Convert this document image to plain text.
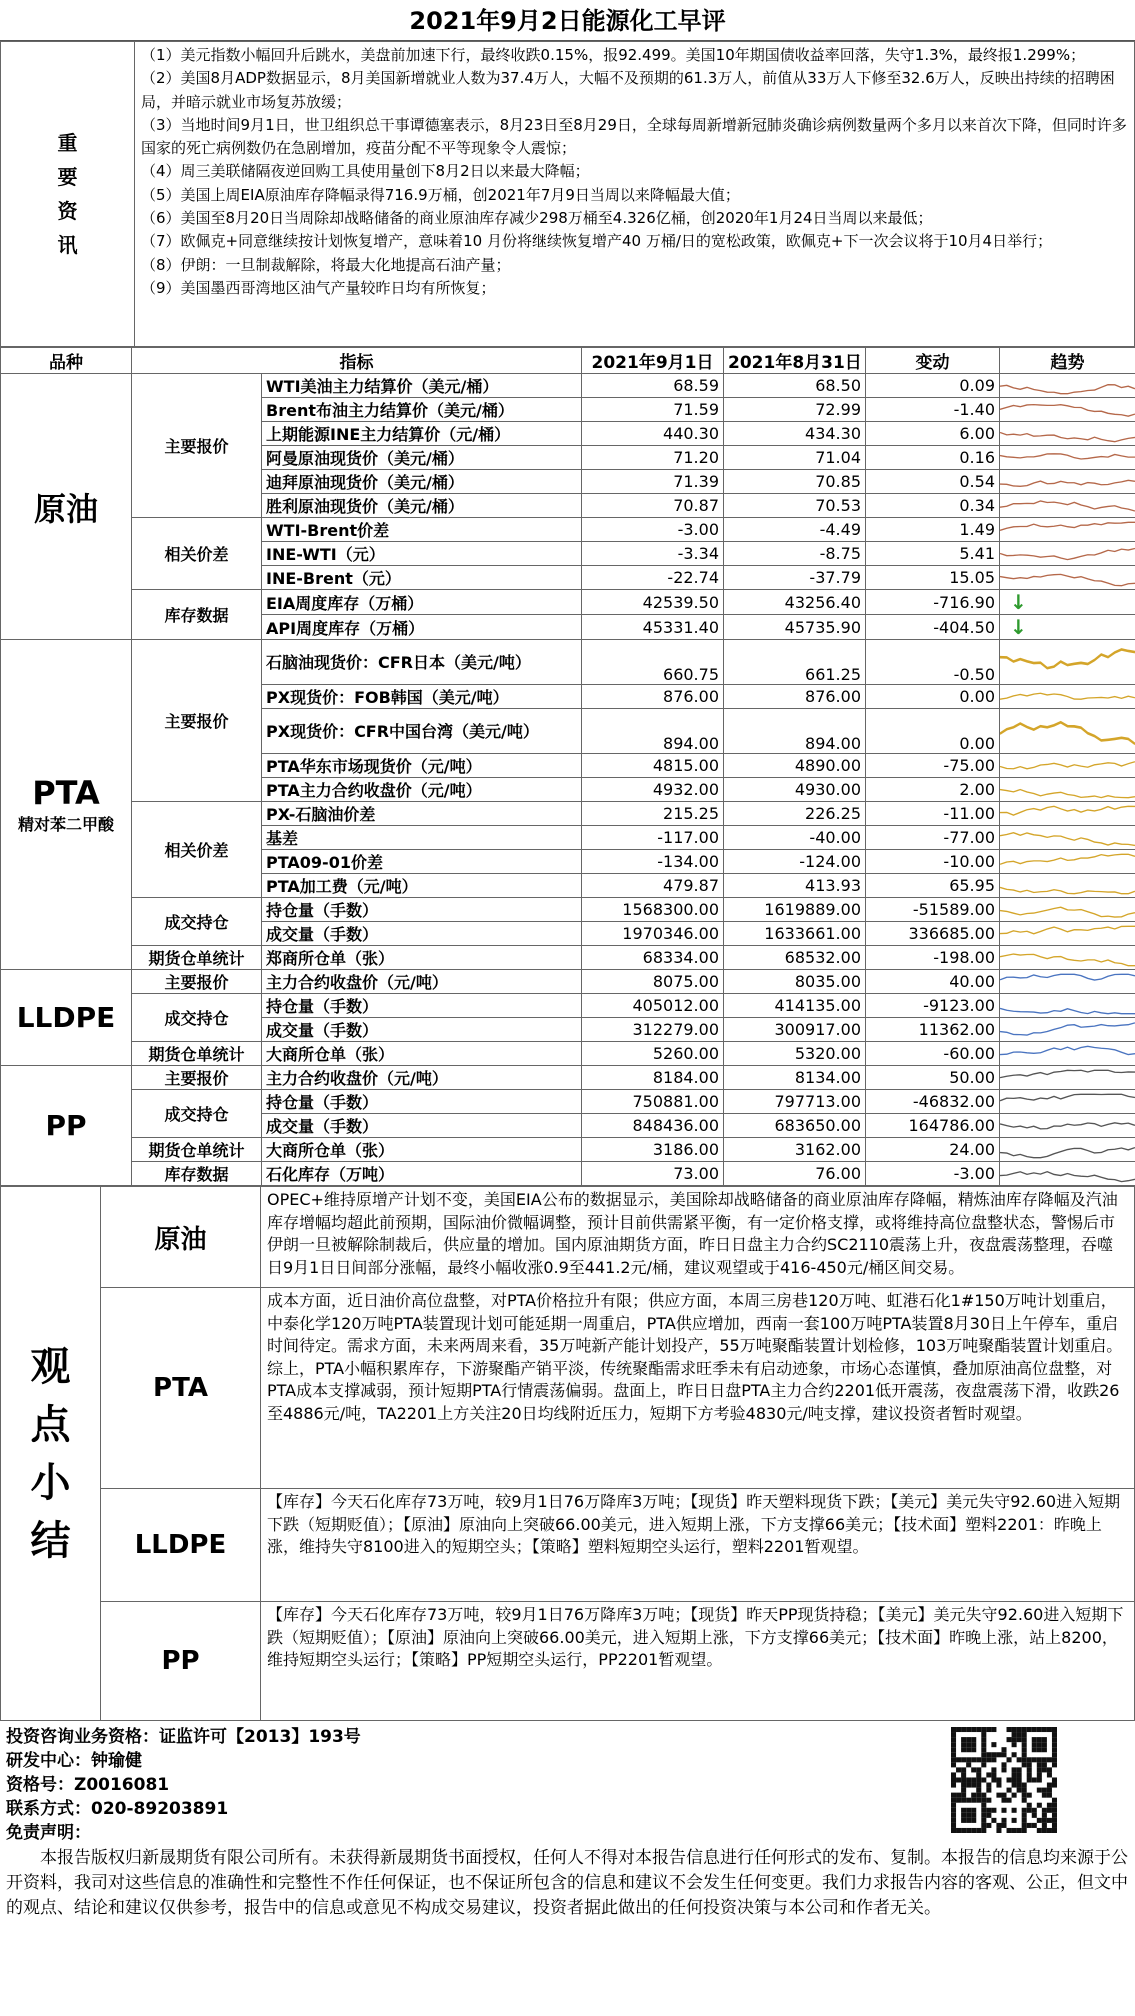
2021年9月2日能源化工早评
重要资讯	

（1）美元指数小幅回升后跳水，美盘前加速下行，最终收跌0.15%，报92.499。美国10年期国债收益率回落，失守1.3%，最终报1.299%；

（2）美国8月ADP数据显示，8月美国新增就业人数为37.4万人，大幅不及预期的61.3万人，前值从33万人下修至32.6万人，反映出持续的招聘困局，并暗示就业市场复苏放缓；

（3）当地时间9月1日，世卫组织总干事谭德塞表示，8月23日至8月29日，全球每周新增新冠肺炎确诊病例数量两个多月以来首次下降，但同时许多国家的死亡病例数仍在急剧增加，疫苗分配不平等现象令人震惊；

（4）周三美联储隔夜逆回购工具使用量创下8月2日以来最大降幅；

（5）美国上周EIA原油库存降幅录得716.9万桶，创2021年7月9日当周以来降幅最大值；

（6）美国至8月20日当周除却战略储备的商业原油库存减少298万桶至4.326亿桶，创2020年1月24日当周以来最低；

（7）欧佩克+同意继续按计划恢复增产，意味着10 月份将继续恢复增产40 万桶/日的宽松政策，欧佩克+下一次会议将于10月4日举行；

（8）伊朗：一旦制裁解除，将最大化地提高石油产量；

（9）美国墨西哥湾地区油气产量较昨日均有所恢复；

品种	指标		2021年9月1日	2021年8月31日	变动	趋势

原油	主要报价	WTI美油主力结算价（美元/桶）	68.59	68.50	0.09	

		Brent布油主力结算价（美元/桶）	71.59	72.99	-1.40	

		上期能源INE主力结算价（元/桶）	440.30	434.30	6.00	

		阿曼原油现货价（美元/桶）	71.20	71.04	0.16	

		迪拜原油现货价（美元/桶）	71.39	70.85	0.54	

		胜利原油现货价（美元/桶）	70.87	70.53	0.34	

	相关价差	WTI-Brent价差	-3.00	-4.49	1.49	

		INE-WTI（元）	-3.34	-8.75	5.41	

		INE-Brent（元）	-22.74	-37.79	15.05	

	库存数据	EIA周度库存（万桶）	42539.50	43256.40	-716.90	↓
		API周度库存（万桶）	45331.40	45735.90	-404.50	↓

PTA
精对苯二甲酸	主要报价	石脑油现货价：CFR日本（美元/吨）	660.75	661.25	-0.50	

		PX现货价：FOB韩国（美元/吨）	876.00	876.00	0.00	

		PX现货价：CFR中国台湾（美元/吨）	894.00	894.00	0.00	

		PTA华东市场现货价（元/吨）	4815.00	4890.00	-75.00	

		PTA主力合约收盘价（元/吨）	4932.00	4930.00	2.00	

	相关价差	PX-石脑油价差	215.25	226.25	-11.00	

		基差	-117.00	-40.00	-77.00	

		PTA09-01价差	-134.00	-124.00	-10.00	

		PTA加工费（元/吨）	479.87	413.93	65.95	

	成交持仓	持仓量（手数）	1568300.00	1619889.00	-51589.00	

		成交量（手数）	1970346.00	1633661.00	336685.00	

	期货仓单统计	郑商所仓单（张）	68334.00	68532.00	-198.00	

LLDPE	主要报价	主力合约收盘价（元/吨）	8075.00	8035.00	40.00	

	成交持仓	持仓量（手数）	405012.00	414135.00	-9123.00	

		成交量（手数）	312279.00	300917.00	11362.00	

	期货仓单统计	大商所仓单（张）	5260.00	5320.00	-60.00	

PP	主要报价	主力合约收盘价（元/吨）	8184.00	8134.00	50.00	

	成交持仓	持仓量（手数）	750881.00	797713.00	-46832.00	

		成交量（手数）	848436.00	683650.00	164786.00	

	期货仓单统计	大商所仓单（张）	3186.00	3162.00	24.00	

	库存数据	石化库存（万吨）	73.00	76.00	-3.00	
观点小结	原油	OPEC+维持原增产计划不变，美国EIA公布的数据显示，美国除却战略储备的商业原油库存降幅，精炼油库存降幅及汽油库存增幅均超此前预期，国际油价微幅调整，预计目前供需紧平衡，有一定价格支撑，或将维持高位盘整状态，警惕后市伊朗一旦被解除制裁后，供应量的增加。国内原油期货方面，昨日日盘主力合约SC2110震荡上升，夜盘震荡整理，吞噬日9月1日日间部分涨幅，最终小幅收涨0.9至441.2元/桶，建议观望或于416-450元/桶区间交易。
	PTA	成本方面，近日油价高位盘整，对PTA价格拉升有限；供应方面，本周三房巷120万吨、虹港石化1#150万吨计划重启，中泰化学120万吨PTA装置现计划可能延期一周重启，PTA供应增加，西南一套100万吨PTA装置8月30日上午停车，重启时间待定。需求方面，未来两周来看，35万吨新产能计划投产，55万吨聚酯装置计划检修，103万吨聚酯装置计划重启。综上，PTA小幅积累库存，下游聚酯产销平淡，传统聚酯需求旺季未有启动迹象，市场心态谨慎，叠加原油高位盘整，对PTA成本支撑减弱，预计短期PTA行情震荡偏弱。盘面上，昨日日盘PTA主力合约2201低开震荡，夜盘震荡下滑，收跌26至4886元/吨，TA2201上方关注20日均线附近压力，短期下方考验4830元/吨支撑，建议投资者暂时观望。
	LLDPE	【库存】今天石化库存73万吨，较9月1日76万降库3万吨；【现货】昨天塑料现货下跌；【美元】美元失守92.60进入短期下跌（短期贬值）；【原油】原油向上突破66.00美元，进入短期上涨，下方支撑66美元；【技术面】塑料2201：昨晚上涨，维持失守8100进入的短期空头；【策略】塑料短期空头运行，塑料2201暂观望。
	PP	【库存】今天石化库存73万吨，较9月1日76万降库3万吨；【现货】昨天PP现货持稳；【美元】美元失守92.60进入短期下跌（短期贬值）；【原油】原油向上突破66.00美元，进入短期上涨，下方支撑66美元；【技术面】昨晚上涨，站上8200，维持短期空头运行；【策略】PP短期空头运行，PP2201暂观望。
投资咨询业务资格：证监许可【2013】193号
研发中心：钟瑜健
资格号：Z0016081
联系方式：020-89203891
免责声明：
本报告版权归新晟期货有限公司所有。未获得新晟期货书面授权，任何人不得对本报告信息进行任何形式的发布、复制。本报告的信息均来源于公开资料，我司对这些信息的准确性和完整性不作任何保证，也不保证所包含的信息和建议不会发生任何变更。我们力求报告内容的客观、公正，但文中的观点、结论和建议仅供参考，报告中的信息或意见不构成交易建议，投资者据此做出的任何投资决策与本公司和作者无关。
